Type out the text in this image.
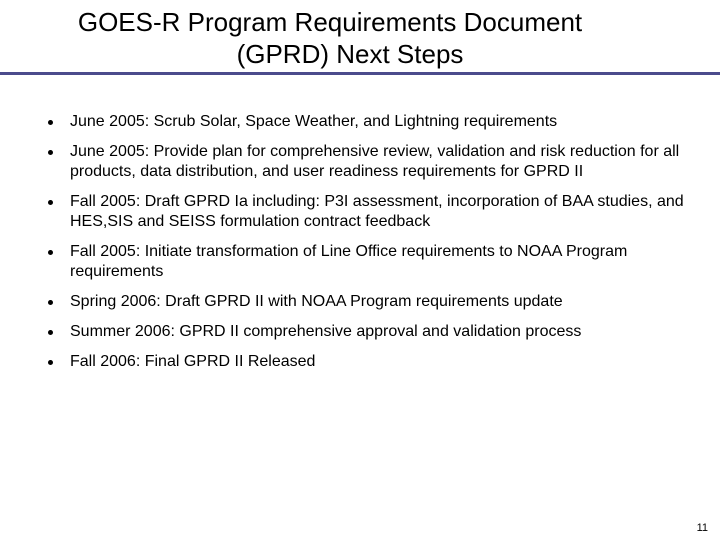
GOES-R Program Requirements Document
(GPRD) Next Steps
June 2005: Scrub Solar, Space Weather, and Lightning requirements
June 2005: Provide plan for comprehensive review, validation and risk reduction for all products, data distribution, and user readiness requirements for GPRD II
Fall 2005: Draft GPRD Ia including: P3I assessment, incorporation of BAA studies, and HES,SIS and SEISS formulation contract feedback
Fall 2005: Initiate transformation of Line Office requirements to NOAA Program requirements
Spring 2006: Draft GPRD II with NOAA Program requirements update
Summer 2006: GPRD II comprehensive approval and validation process
Fall 2006: Final GPRD II Released
11
